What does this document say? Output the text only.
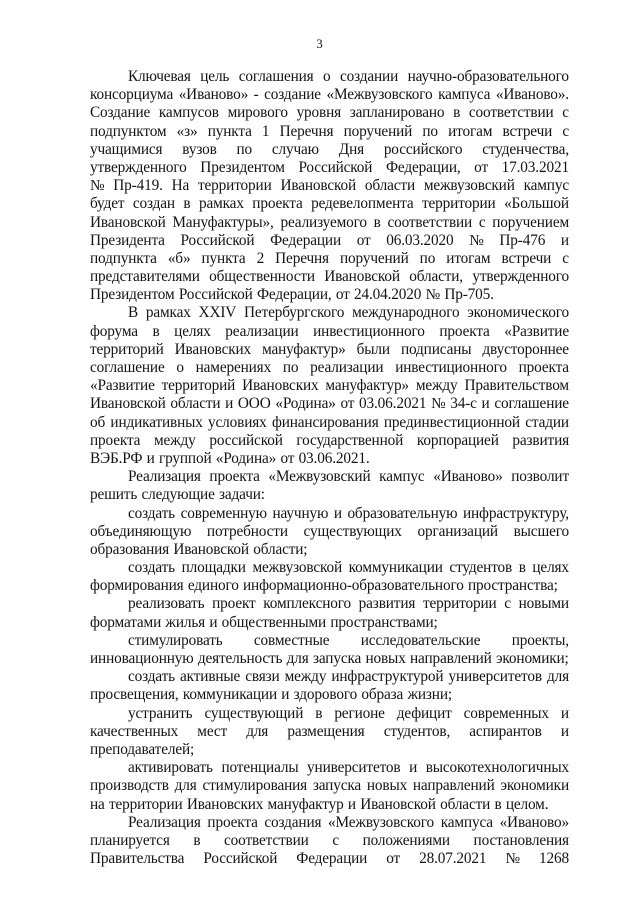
3
Ключевая цель соглашения о создании научно-образовательного
консорциума «Иваново» - создание «Межвузовского кампуса «Иваново».
Создание кампусов мирового уровня запланировано в соответствии с
подпунктом «з» пункта 1 Перечня поручений по итогам встречи с
учащимися вузов по случаю Дня российского студенчества,
утвержденного Президентом Российской Федерации, от 17.03.2021
№ Пр-419. На территории Ивановской области межвузовский кампус
будет создан в рамках проекта редевелопмента территории «Большой
Ивановской Мануфактуры», реализуемого в соответствии с поручением
Президента Российской Федерации от 06.03.2020 № Пр-476 и
подпункта «б» пункта 2 Перечня поручений по итогам встречи с
представителями общественности Ивановской области, утвержденного
Президентом Российской Федерации, от 24.04.2020 № Пр-705.
В рамках XXIV Петербургского международного экономического
форума в целях реализации инвестиционного проекта «Развитие
территорий Ивановских мануфактур» были подписаны двустороннее
соглашение о намерениях по реализации инвестиционного проекта
«Развитие территорий Ивановских мануфактур» между Правительством
Ивановской области и ООО «Родина» от 03.06.2021 № 34-с и соглашение
об индикативных условиях финансирования прединвестиционной стадии
проекта между российской государственной корпорацией развития
ВЭБ.РФ и группой «Родина» от 03.06.2021.
Реализация проекта «Межвузовский кампус «Иваново» позволит
решить следующие задачи:
создать современную научную и образовательную инфраструктуру,
объединяющую потребности существующих организаций высшего
образования Ивановской области;
создать площадки межвузовской коммуникации студентов в целях
формирования единого информационно-образовательного пространства;
реализовать проект комплексного развития территории с новыми
форматами жилья и общественными пространствами;
стимулировать совместные исследовательские проекты,
инновационную деятельность для запуска новых направлений экономики;
создать активные связи между инфраструктурой университетов для
просвещения, коммуникации и здорового образа жизни;
устранить существующий в регионе дефицит современных и
качественных мест для размещения студентов, аспирантов и
преподавателей;
активировать потенциалы университетов и высокотехнологичных
производств для стимулирования запуска новых направлений экономики
на территории Ивановских мануфактур и Ивановской области в целом.
Реализация проекта создания «Межвузовского кампуса «Иваново»
планируется в соответствии с положениями постановления
Правительства Российской Федерации от 28.07.2021 № 1268
